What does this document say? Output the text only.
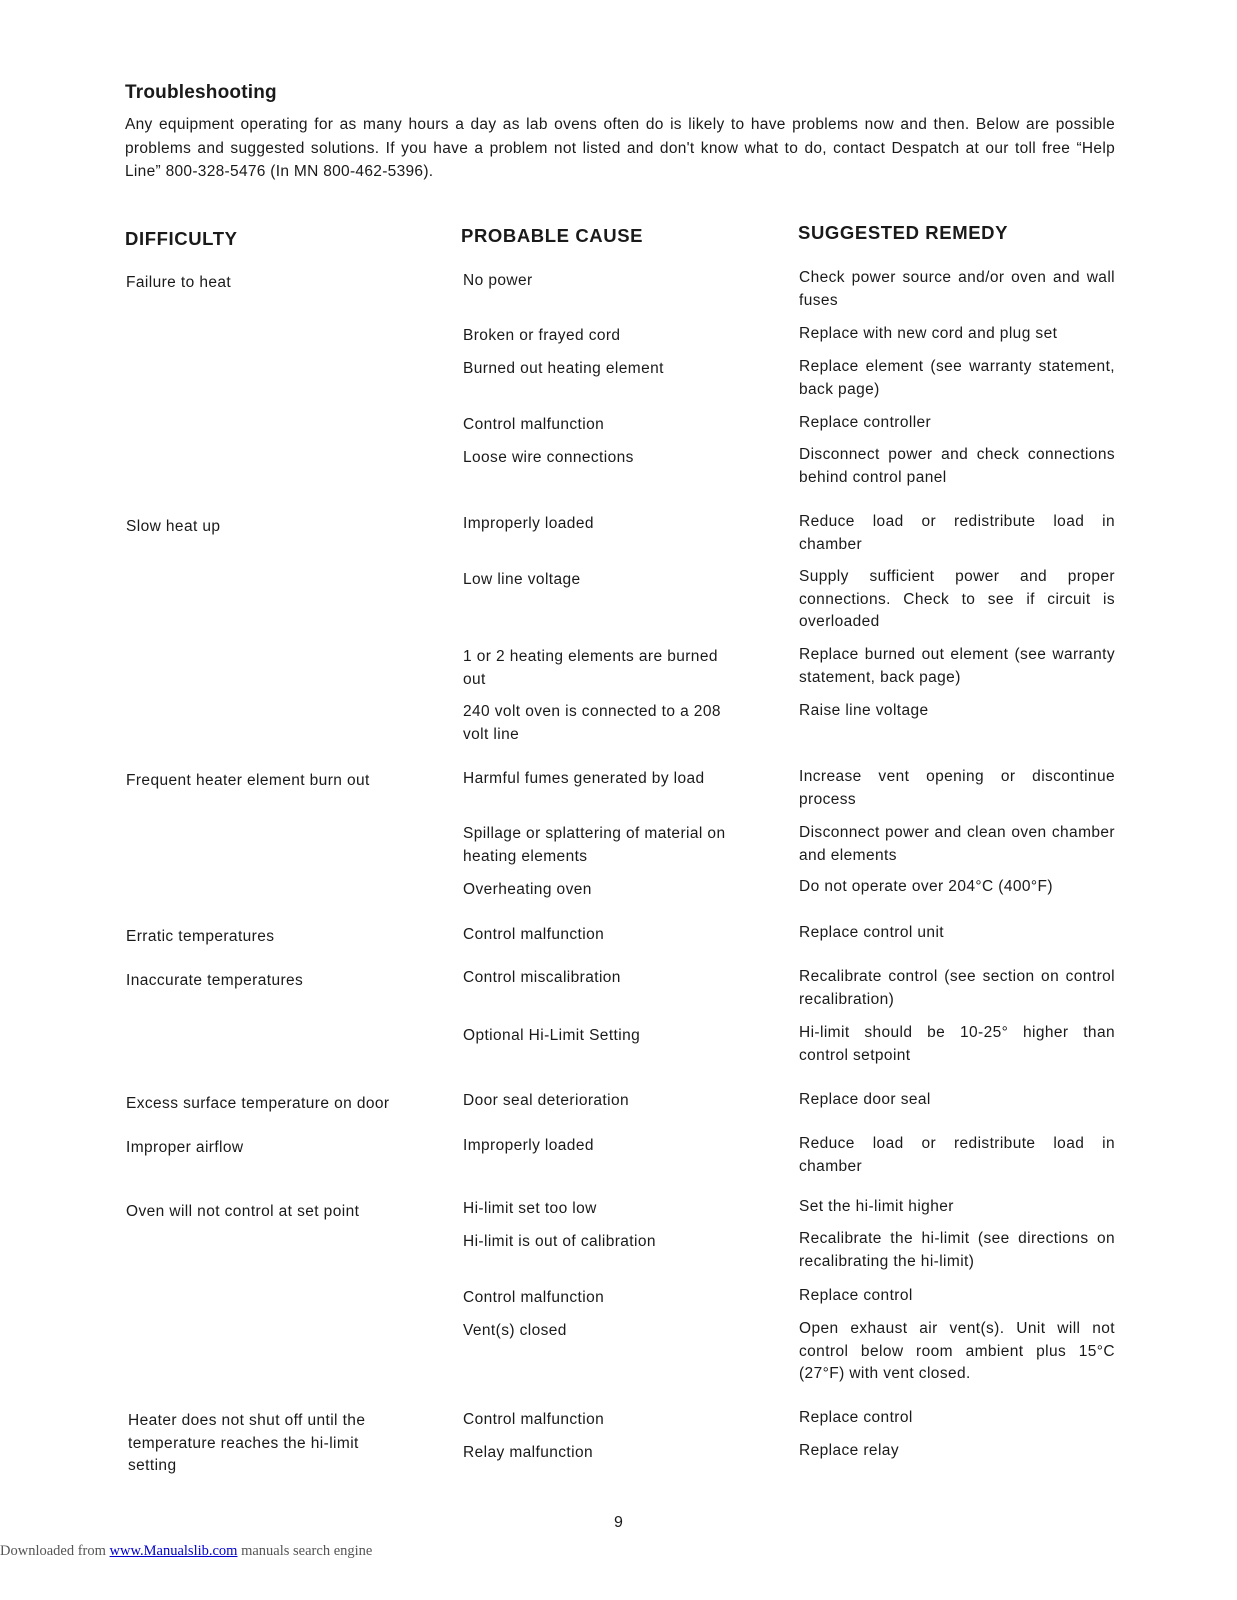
Troubleshooting
Any equipment operating for as many hours a day as lab ovens often do is likely to have problems now and then. Below are possible problems and suggested solutions. If you have a problem not listed and don't know what to do, contact Despatch at our toll free “Help Line” 800-328-5476 (In MN 800-462-5396).
DIFFICULTY	PROBABLE CAUSE	SUGGESTED REMEDY
Failure to heat
Slow heat up
Frequent heater element burn out
Erratic temperatures
Inaccurate temperatures
Excess surface temperature on door
Improper airflow
Oven will not control at set point
Heater does not shut off until the temperature reaches the hi-limit setting
No power
Broken or frayed cord
Burned out heating element
Control malfunction
Loose wire connections
Improperly loaded
Low line voltage
1 or 2 heating elements are burned out
240 volt oven is connected to a 208 volt line
Harmful fumes generated by load
Spillage or splattering of material on heating elements
Overheating oven
Control malfunction
Control miscalibration
Optional Hi-Limit Setting
Door seal deterioration
Improperly loaded
Hi-limit set too low
Hi-limit is out of calibration
Control malfunction
Vent(s) closed
Control malfunction
Relay malfunction
Check power source and/or oven and wall fuses
Replace with new cord and plug set
Replace element (see warranty statement, back page)
Replace controller
Disconnect power and check connections behind control panel
Reduce load or redistribute load in chamber
Supply sufficient power and proper connections. Check to see if circuit is overloaded
Replace burned out element (see warranty statement, back page)
Raise line voltage
Increase vent opening or discontinue process
Disconnect power and clean oven chamber and elements
Do not operate over 204°C (400°F)
Replace control unit
Recalibrate control (see section on control recalibration)
Hi-limit should be 10-25° higher than control setpoint
Replace door seal
Reduce load or redistribute load in chamber
Set the hi-limit higher
Recalibrate the hi-limit (see directions on recalibrating the hi-limit)
Replace control
Open exhaust air vent(s). Unit will not control below room ambient plus 15°C (27°F) with vent closed.
Replace control
Replace relay
9
Downloaded from www.Manualslib.com manuals search engine
